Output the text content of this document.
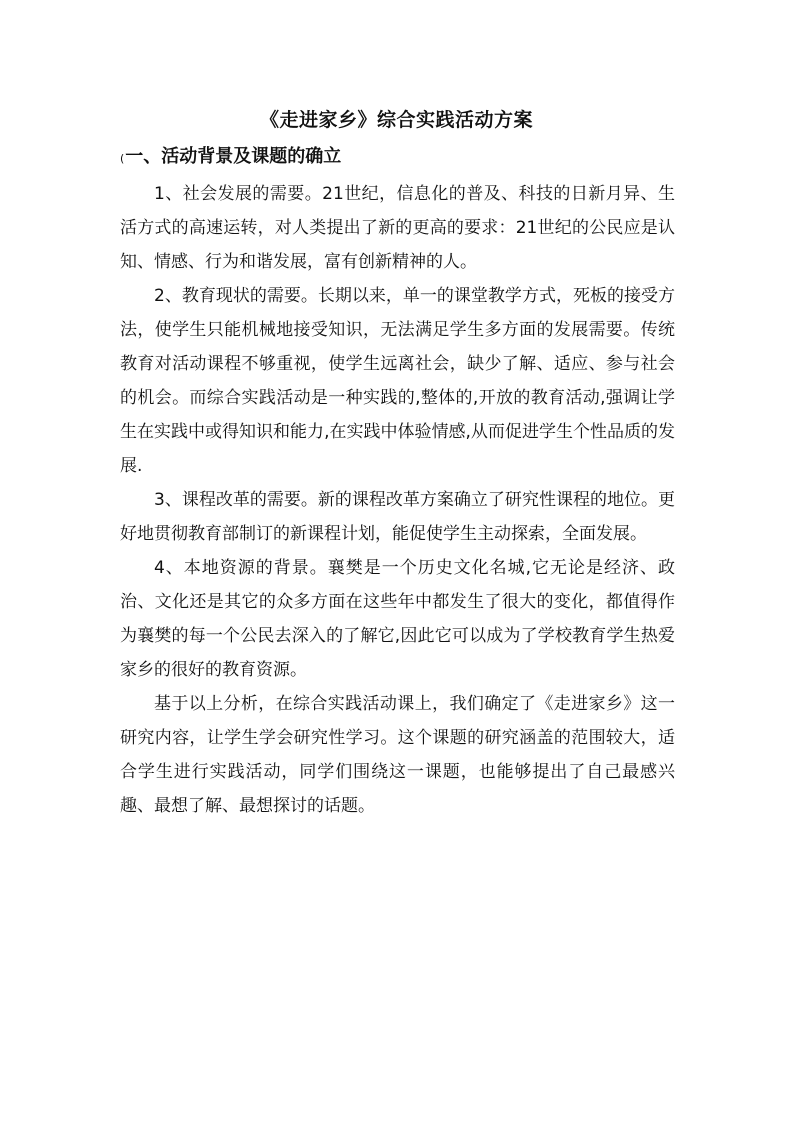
《走进家乡》综合实践活动方案
(一、活动背景及课题的确立

1、社会发展的需要。21世纪，信息化的普及、科技的日新月异、生活方式的高速运转，对人类提出了新的更高的要求：21世纪的公民应是认知、情感、行为和谐发展，富有创新精神的人。

2、教育现状的需要。长期以来，单一的课堂教学方式，死板的接受方法，使学生只能机械地接受知识，无法满足学生多方面的发展需要。传统教育对活动课程不够重视，使学生远离社会，缺少了解、适应、参与社会的机会。而综合实践活动是一种实践的,整体的,开放的教育活动,强调让学生在实践中或得知识和能力,在实践中体验情感,从而促进学生个性品质的发展.

3、课程改革的需要。新的课程改革方案确立了研究性课程的地位。更好地贯彻教育部制订的新课程计划，能促使学生主动探索，全面发展。

4、本地资源的背景。襄樊是一个历史文化名城,它无论是经济、政治、文化还是其它的众多方面在这些年中都发生了很大的变化，都值得作为襄樊的每一个公民去深入的了解它,因此它可以成为了学校教育学生热爱家乡的很好的教育资源。

基于以上分析，在综合实践活动课上，我们确定了《走进家乡》这一研究内容，让学生学会研究性学习。这个课题的研究涵盖的范围较大，适合学生进行实践活动，同学们围绕这一课题，也能够提出了自己最感兴趣、最想了解、最想探讨的话题。
